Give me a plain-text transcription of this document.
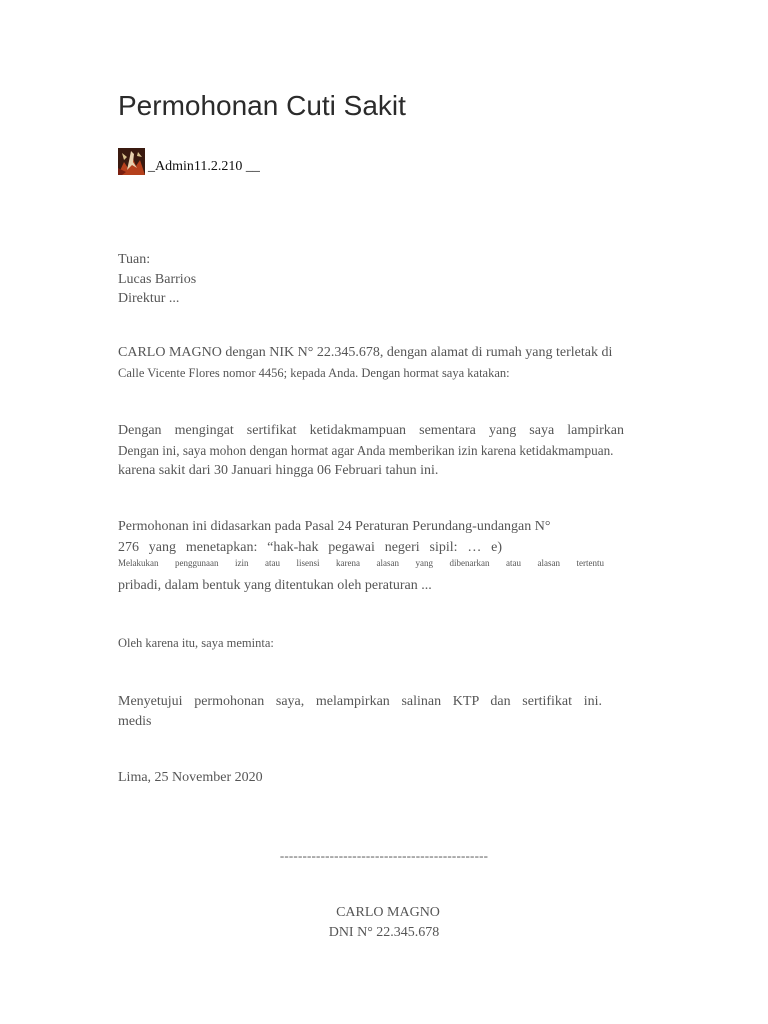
Permohonan Cuti Sakit
_Admin11.2.210 __
Tuan:
Lucas Barrios
Direktur ...
CARLO MAGNO dengan NIK N° 22.345.678, dengan alamat di rumah yang terletak di
Calle Vicente Flores nomor 4456; kepada Anda. Dengan hormat saya katakan:
Dengan mengingat sertifikat ketidakmampuan sementara yang saya lampirkan
Dengan ini, saya mohon dengan hormat agar Anda memberikan izin karena ketidakmampuan.
karena sakit dari 30 Januari hingga 06 Februari tahun ini.
Permohonan ini didasarkan pada Pasal 24 Peraturan Perundang-undangan N°
276 yang menetapkan: “hak-hak pegawai negeri sipil: … e)
Melakukan penggunaan izin atau lisensi karena alasan yang dibenarkan atau alasan tertentu
pribadi, dalam bentuk yang ditentukan oleh peraturan ...
Oleh karena itu, saya meminta:
Menyetujui permohonan saya, melampirkan salinan KTP dan sertifikat ini.
medis
Lima, 25 November 2020
----------------------------------------------
CARLO MAGNO
DNI N° 22.345.678
